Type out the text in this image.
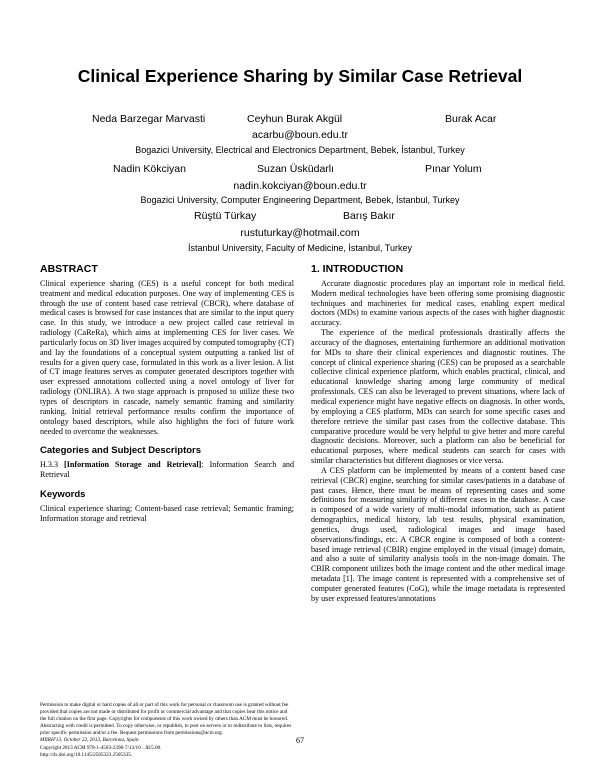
Clinical Experience Sharing by Similar Case Retrieval
Neda Barzegar Marvasti	Ceyhun Burak Akgül	Burak Acar
acarbu@boun.edu.tr
Bogazici University, Electrical and Electronics Department, Bebek, İstanbul, Turkey
Nadin Kökciyan	Suzan Üsküdarlı	Pınar Yolum
nadin.kokciyan@boun.edu.tr
Bogazici University, Computer Engineering Department, Bebek, İstanbul, Turkey
Rüştü Türkay	Barış Bakır
rustuturkay@hotmail.com
İstanbul University, Faculty of Medicine, İstanbul, Turkey
ABSTRACT

Clinical experience sharing (CES) is a useful concept for both medical treatment and medical education purposes. One way of implementing CES is through the use of content based case retrieval (CBCR), where database of medical cases is browsed for case instances that are similar to the input query case. In this study, we introduce a new project called case retrieval in radiology (CaReRa), which aims at implementing CES for liver cases. We particularly focus on 3D liver images acquired by computed tomography (CT) and lay the foundations of a conceptual system outputting a ranked list of results for a given query case, formulated in this work as a liver lesion. A list of CT image features serves as computer generated descriptors together with user expressed annotations collected using a novel ontology of liver for radiology (ONLIRA). A two stage approach is proposed to utilize these two types of descriptors in cascade, namely semantic framing and similarity ranking. Initial retrieval performance results confirm the importance of ontology based descriptors, while also highlights the foci of future work needed to overcome the weaknesses.

Categories and Subject Descriptors

H.3.3 [Information Storage and Retrieval]: Information Search and Retrieval

Keywords

Clinical experience sharing; Content-based case retrieval; Semantic framing; Information storage and retrieval

Permission to make digital or hard copies of all or part of this work for personal or classroom use is granted without fee provided that copies are not made or distributed for profit or commercial advantage and that copies bear this notice and the full citation on the first page. Copyrights for components of this work owned by others than ACM must be honored. Abstracting with credit is permitted. To copy otherwise, or republish, to post on servers or to redistribute to lists, requires prior specific permission and/or a fee. Request permissions from permissions@acm.org.

MIIRH'13, October 22, 2013, Barcelona, Spain.

Copyright 2013 ACM 978-1-4503-2398-7/13/10 ...$15.00.

http://dx.doi.org/10.1145/2505323.2505335.

1. INTRODUCTION

Accurate diagnostic procedures play an important role in medical field. Modern medical technologies have been offering some promising diagnostic techniques and machineries for medical cases, enabling expert medical doctors (MDs) to examine various aspects of the cases with higher diagnostic accuracy.

The experience of the medical professionals drastically affects the accuracy of the diagnoses, entertaining furthermore an additional motivation for MDs to share their clinical experiences and diagnostic routines. The concept of clinical experience sharing (CES) can be proposed as a searchable collective clinical experience platform, which enables practical, clinical, and educational knowledge sharing among large community of medical professionals. CES can also be leveraged to prevent situations, where lack of medical experience might have negative effects on diagnosis. In other words, by employing a CES platform, MDs can search for some specific cases and therefore retrieve the similar past cases from the collective database. This comparative procedure would be very helpful to give better and more careful diagnostic decisions. Moreover, such a platform can also be beneficial for educational purposes, where medical students can search for cases with similar characteristics but different diagnoses or vice versa.

A CES platform can be implemented by means of a content based case retrieval (CBCR) engine, searching for similar cases/patients in a database of past cases. Hence, there must be means of representing cases and some definitions for measuring similarity of different cases in the database. A case is composed of a wide variety of multi-modal information, such as patient demographics, medical history, lab test results, physical examination, genetics, drugs used, radiological images and image based observations/findings, etc. A CBCR engine is composed of both a content-based image retrieval (CBIR) engine employed in the visual (image) domain, and also a suite of similarity analysis tools in the non-image domain. The CBIR component utilizes both the image content and the other medical image metadata [1]. The image content is represented with a comprehensive set of computer generated features (CoG), while the image metadata is represented by user expressed features/annotations

67
